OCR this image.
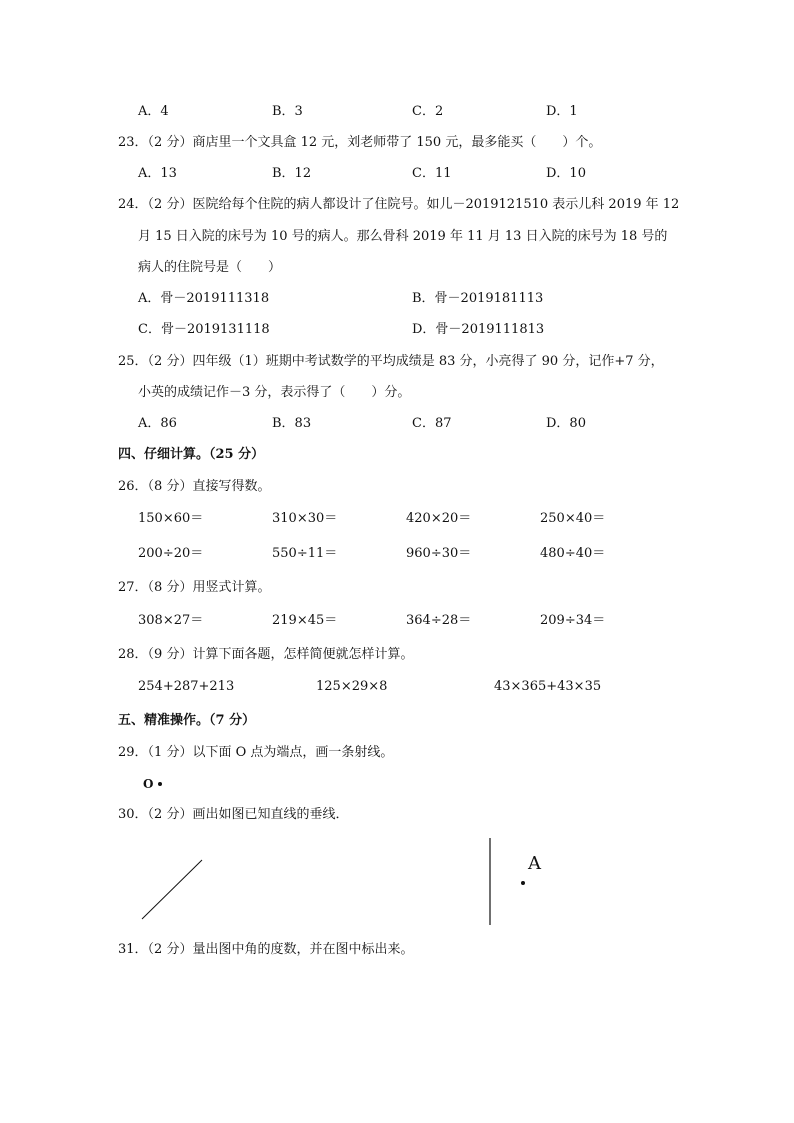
A．4	B．3	C．2	D．1
23．（2 分）商店里一个文具盒 12 元，刘老师带了 150 元，最多能买（　　）个。
A．13	B．12	C．11	D．10
24．（2 分）医院给每个住院的病人都设计了住院号。如儿－2019121510 表示儿科 2019 年 12
月 15 日入院的床号为 10 号的病人。那么骨科 2019 年 11 月 13 日入院的床号为 18 号的
病人的住院号是（　　）
A．骨－2019111318	B．骨－2019181113
C．骨－2019131118	D．骨－2019111813
25．（2 分）四年级（1）班期中考试数学的平均成绩是 83 分，小亮得了 90 分，记作+7 分，
小英的成绩记作－3 分，表示得了（　　）分。
A．86	B．83	C．87	D．80
四、仔细计算。（25 分）
26．（8 分）直接写得数。
150×60＝	310×30＝	420×20＝	250×40＝
200÷20＝	550÷11＝	960÷30＝	480÷40＝
27．（8 分）用竖式计算。
308×27＝	219×45＝	364÷28＝	209÷34＝
28．（9 分）计算下面各题，怎样简便就怎样计算。
254+287+213	125×29×8	43×365+43×35
五、精准操作。（7 分）
29．（1 分）以下面 O 点为端点，画一条射线。
O
30．（2 分）画出如图已知直线的垂线．
A
31．（2 分）量出图中角的度数，并在图中标出来。
